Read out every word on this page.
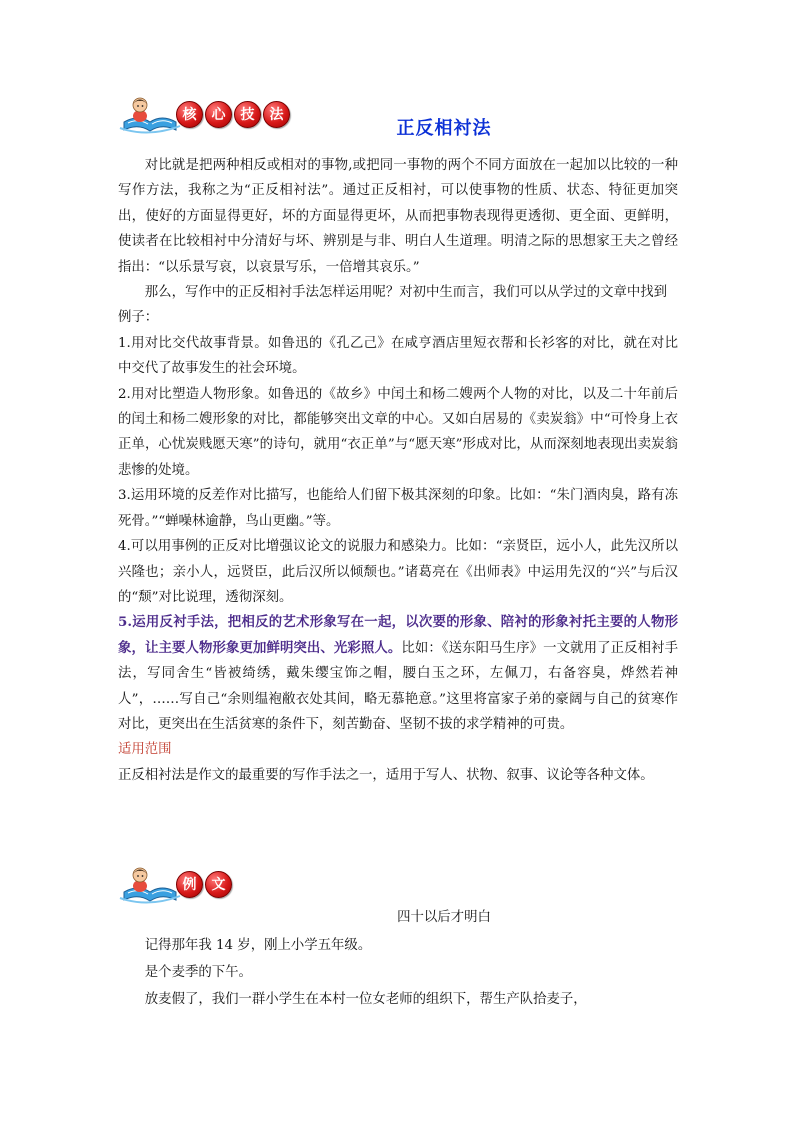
核	心	技	法
正反相衬法

对比就是把两种相反或相对的事物,或把同一事物的两个不同方面放在一起加以比较的一种写作方法，我称之为“正反相衬法”。通过正反相衬，可以使事物的性质、状态、特征更加突出，使好的方面显得更好，坏的方面显得更坏，从而把事物表现得更透彻、更全面、更鲜明，使读者在比较相衬中分清好与坏、辨别是与非、明白人生道理。明清之际的思想家王夫之曾经指出：“以乐景写哀，以哀景写乐，一倍增其哀乐。”

那么，写作中的正反相衬手法怎样运用呢？对初中生而言，我们可以从学过的文章中找到

例子：

1.用对比交代故事背景。如鲁迅的《孔乙己》在咸亨酒店里短衣帮和长衫客的对比，就在对比中交代了故事发生的社会环境。

2.用对比塑造人物形象。如鲁迅的《故乡》中闰土和杨二嫂两个人物的对比，以及二十年前后的闰土和杨二嫂形象的对比，都能够突出文章的中心。又如白居易的《卖炭翁》中“可怜身上衣正单，心忧炭贱愿天寒”的诗句，就用“衣正单”与“愿天寒”形成对比，从而深刻地表现出卖炭翁悲惨的处境。

3.运用环境的反差作对比描写，也能给人们留下极其深刻的印象。比如：“朱门酒肉臭，路有冻死骨。”“蝉噪林逾静，鸟山更幽。”等。

4.可以用事例的正反对比增强议论文的说服力和感染力。比如：“亲贤臣，远小人，此先汉所以兴隆也；亲小人，远贤臣，此后汉所以倾颓也。”诸葛亮在《出师表》中运用先汉的“兴”与后汉的“颓”对比说理，透彻深刻。

5.运用反衬手法，把相反的艺术形象写在一起，以次要的形象、陪衬的形象衬托主要的人物形象，让主要人物形象更加鲜明突出、光彩照人。比如：《送东阳马生序》一文就用了正反相衬手法，写同舍生“皆被绮绣，戴朱缨宝饰之帽，腰白玉之环，左佩刀，右备容臭，烨然若神人”，……写自己“余则缊袍敝衣处其间，略无慕艳意。”这里将富家子弟的豪阔与自己的贫寒作对比，更突出在生活贫寒的条件下，刻苦勤奋、坚韧不拔的求学精神的可贵。

适用范围

正反相衬法是作文的最重要的写作手法之一，适用于写人、状物、叙事、议论等各种文体。

例	文
四十以后才明白

记得那年我 14 岁，刚上小学五年级。

是个麦季的下午。

放麦假了，我们一群小学生在本村一位女老师的组织下，帮生产队拾麦子，
